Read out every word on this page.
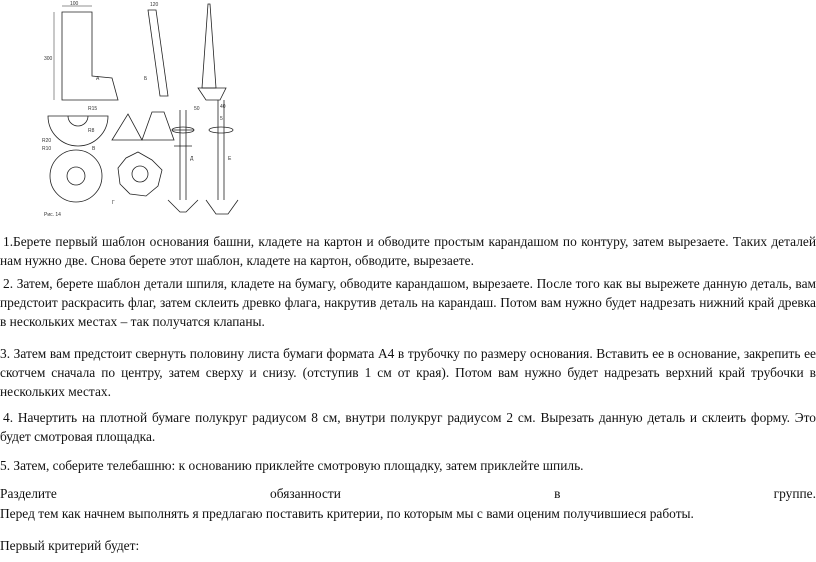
100
300
120
40
R15
R8
5
R20
R10
50
А	Б
В
Г
Д	Е
Рис. 14

1.Берете первый шаблон основания башни, кладете на картон и обводите простым карандашом по контуру, затем вырезаете. Таких деталей нам нужно две. Снова берете этот шаблон, кладете на картон, обводите, вырезаете.

2. Затем, берете шаблон детали шпиля, кладете на бумагу, обводите карандашом, вырезаете. После того как вы вырежете данную деталь, вам предстоит раскрасить флаг, затем склеить древко флага, накрутив деталь на карандаш. Потом вам нужно будет надрезать нижний край древка в нескольких местах – так получатся клапаны.

3. Затем вам предстоит свернуть половину листа бумаги формата А4 в трубочку по размеру основания. Вставить ее в основание, закрепить ее скотчем сначала по центру, затем сверху и снизу. (отступив 1 см от края). Потом вам нужно будет надрезать верхний край трубочки в нескольких местах.

4. Начертить на плотной бумаге полукруг радиусом 8 см, внутри полукруг радиусом 2 см. Вырезать данную деталь и склеить форму. Это будет смотровая площадка.

5. Затем, соберите телебашню: к основанию приклейте смотровую площадку, затем приклейте шпиль.

Разделите	обязанности	в	группе.

Перед тем как начнем выполнять я предлагаю поставить критерии, по которым мы с вами оценим получившиеся работы.

Первый критерий будет:
